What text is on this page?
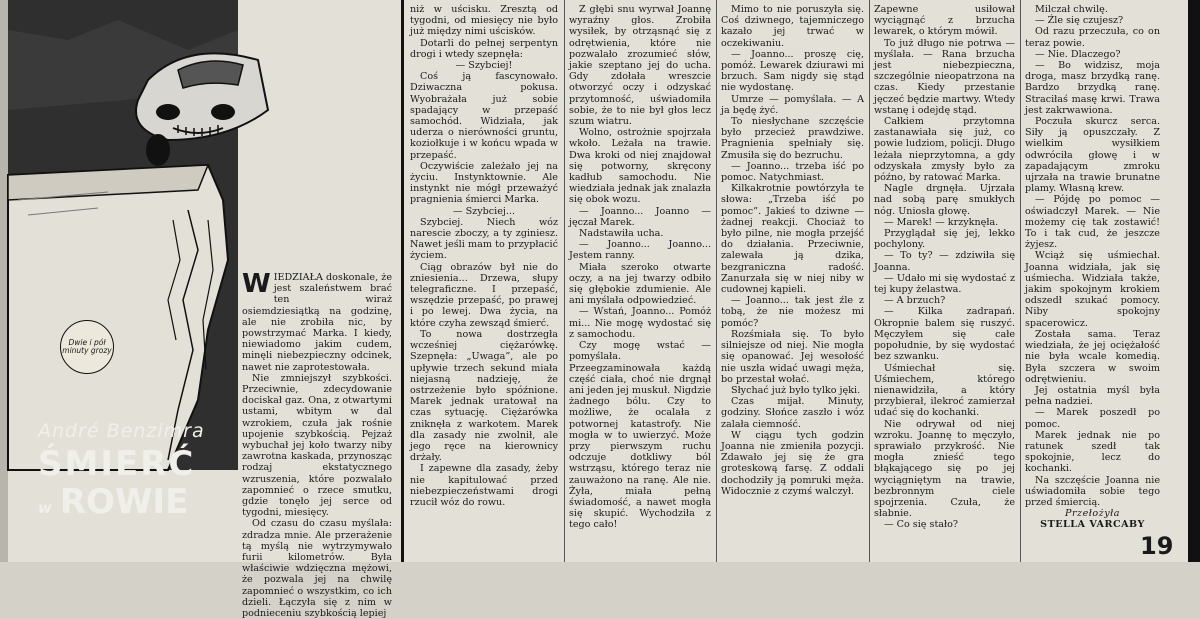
Dwie i pół minuty grozy
André Benzimra
ŚMIERĆ
w ROWIE

WIEDZIAŁA doskonale, że jest szaleństwem brać ten wiraż osiemdziesiątką na godzinę, ale nie zrobiła nic, by powstrzymać Marka. I kiedy, niewiadomo jakim cudem, minęli niebezpieczny odcinek, nawet nie zaprotestowała.

Nie zmniejszył szybkości. Przeciwnie, zdecydowanie dociskał gaz. Ona, z otwartymi ustami, wbitym w dal wzrokiem, czuła jak rośnie upojenie szybkością. Pejzaż wybuchał jej koło twarzy niby zawrotna kaskada, przynosząc rodzaj ekstatycznego wzruszenia, które pozwalało zapomnieć o rzece smutku, gdzie tonęło jej serce od tygodni, miesięcy.

Od czasu do czasu myślała: zdradza mnie. Ale przerażenie tą myślą nie wytrzymywało furii kilometrów. Była właściwie wdzięczna mężowi, że pozwala jej na chwilę zapomnieć o wszystkim, co ich dzieli. Łączyła się z nim w podnieceniu szybkością lepiej

niż w uścisku. Zresztą od tygodni, od miesięcy nie było już między nimi uścisków.

Dotarli do pełnej serpentyn drogi i wtedy szepnęła:

— Szybciej!

Coś ją fascynowało. Dziwaczna pokusa. Wyobrażała już sobie spadający w przepaść samochód. Widziała, jak uderza o nierówności gruntu, koziołkuje i w końcu wpada w przepaść.

Oczywiście zależało jej na życiu. Instynktownie. Ale instynkt nie mógł przeważyć pragnienia śmierci Marka.

— Szybciej...

Szybciej. Niech wóz narescie zboczy, a ty zginiesz. Nawet jeśli mam to przypłacić życiem.

Ciąg obrazów był nie do zniesienia... Drzewa, słupy telegraficzne. I przepaść, wszędzie przepaść, po prawej i po lewej. Dwa życia, na które czyha zewsząd śmierć.

To nowa dostrzegła wcześniej ciężarówkę. Szepnęła: „Uwaga”, ale po upływie trzech sekund miała niejasną nadzieję, że ostrzeżenie było spóźnione. Marek jednak uratował na czas sytuację. Ciężarówka zniknęła z warkotem. Marek dla zasady nie zwolnił, ale jego ręce na kierownicy drżały.

I zapewne dla zasady, żeby nie kapitulować przed niebezpieczeństwami drogi rzucił wóz do rowu.

Z głębi snu wyrwał Joannę wyraźny głos. Zrobiła wysiłek, by otrząsnąć się z odrętwienia, które nie pozwalało zrozumieć słów, jakie szeptano jej do ucha. Gdy zdołała wreszcie otworzyć oczy i odzyskać przytomność, uświadomiła sobie, że to nie był głos lecz szum wiatru.

Wolno, ostrożnie spojrzała wkoło. Leżała na trawie. Dwa kroki od niej znajdował się potworny, skręcony kadłub samochodu. Nie wiedziała jednak jak znalazła się obok wozu.

— Joanno... Joanno — jęczał Marek.

Nadstawiła ucha.

— Joanno... Joanno... Jestem ranny.

Miała szeroko otwarte oczy, a na jej twarzy odbiło się głębokie zdumienie. Ale ani myślała odpowiedzieć.

— Wstań, Joanno... Pomóż mi... Nie mogę wydostać się z samochodu.

Czy mogę wstać — pomyślała. Przeegzaminowała każdą część ciała, choć nie drgnął ani jeden jej muskuł. Nigdzie żadnego bólu. Czy to możliwe, że ocalała z potwornej katastrofy. Nie mogła w to uwierzyć. Może przy pierwszym ruchu odczuje dotkliwy ból wstrząsu, którego teraz nie zauważono na ranę. Ale nie. Żyła, miała pełną świadomość, a nawet mogła się skupić. Wychodziła z tego cało!

Mimo to nie poruszyła się. Coś dziwnego, tajemniczego kazało jej trwać w oczekiwaniu.

— Joanno... proszę cię, pomóż. Lewarek dziurawi mi brzuch. Sam nigdy się stąd nie wydostanę.

Umrze — pomyślała. — A ja będę żyć.

To niesłychane szczęście było przecież prawdziwe. Pragnienia spełniały się. Zmusiła się do bezruchu.

— Joanno... trzeba iść po pomoc. Natychmiast.

Kilkakrotnie powtórzyła te słowa: „Trzeba iść po pomoc”. Jakieś to dziwne — żadnej reakcji. Chociaż to było pilne, nie mogła przejść do działania. Przeciwnie, zalewała ją dzika, bezgraniczna radość. Zanurzała się w niej niby w cudownej kąpieli.

— Joanno... tak jest źle z tobą, że nie możesz mi pomóc?

Rozśmiała się. To było silniejsze od niej. Nie mogła się opanować. Jej wesołość nie uszła widać uwagi męża, bo przestał wołać.

Słychać już było tylko jęki.

Czas mijał. Minuty, godziny. Słońce zaszło i wóz zalała ciemność.

W ciągu tych godzin Joanna nie zmieniła pozycji. Zdawało jej się że gra groteskową farsę. Z oddali dochodziły ją pomruki męża. Widocznie z czymś walczył.

Zapewne usiłował wyciągnąć z brzucha lewarek, o którym mówił.

To już długo nie potrwa — myślała. — Rana brzucha jest niebezpieczna, szczególnie nieopatrzona na czas. Kiedy przestanie jęczeć będzie martwy. Wtedy wstanę i odejdę stąd.

Całkiem przytomna zastanawiała się już, co powie ludziom, policji. Długo leżała nieprzytomna, a gdy odzyskała zmysły było za późno, by ratować Marka.

Nagle drgnęła. Ujrzała nad sobą parę smukłych nóg. Uniosła głowę.

— Marek! — krzyknęła.

Przyglądał się jej, lekko pochylony.

— To ty? — zdziwiła się Joanna.

— Udało mi się wydostać z tej kupy żelastwa.

— A brzuch?

— Kilka zadrapań. Okropnie balem się ruszyć. Męczyłem się całe popołudnie, by się wydostać bez szwanku.

Uśmiechał się. Uśmiechem, którego nienawidziła, a który przybierał, ilekroć zamierzał udać się do kochanki.

Nie odrywał od niej wzroku. Joannę to męczyło, sprawiało przykrość. Nie mogła znieść tego błąkającego się po jej wyciągniętym na trawie, bezbronnym ciele spojrzenia. Czuła, że słabnie.

— Co się stało?

Milczał chwilę.

— Źle się czujesz?

Od razu przeczuła, co on teraz powie.

— Nie. Dlaczego?

— Bo widzisz, moja droga, masz brzydką ranę. Bardzo brzydką ranę. Straciłaś masę krwi. Trawa jest zakrwawiona.

Poczuła skurcz serca. Siły ją opuszczały. Z wielkim wysiłkiem odwróciła głowę i w zapadającym zmroku ujrzała na trawie brunatne plamy. Własną krew.

— Pójdę po pomoc — oświadczył Marek. — Nie możemy cię tak zostawić! To i tak cud, że jeszcze żyjesz.

Wciąż się uśmiechał. Joanna widziała, jak się uśmiecha. Widziała także, jakim spokojnym krokiem odszedł szukać pomocy. Niby spokojny spacerowicz.

Została sama. Teraz wiedziała, że jej ociężałość nie była wcale komedią. Była szczera w swoim odrętwieniu.

Jej ostatnia myśl była pełna nadziei.

— Marek poszedł po pomoc.

Marek jednak nie po ratunek szedł tak spokojnie, lecz do kochanki.

Na szczęście Joanna nie uświadomiła sobie tego przed śmiercią.

Przełożyła

STELLA VARCABY

19
